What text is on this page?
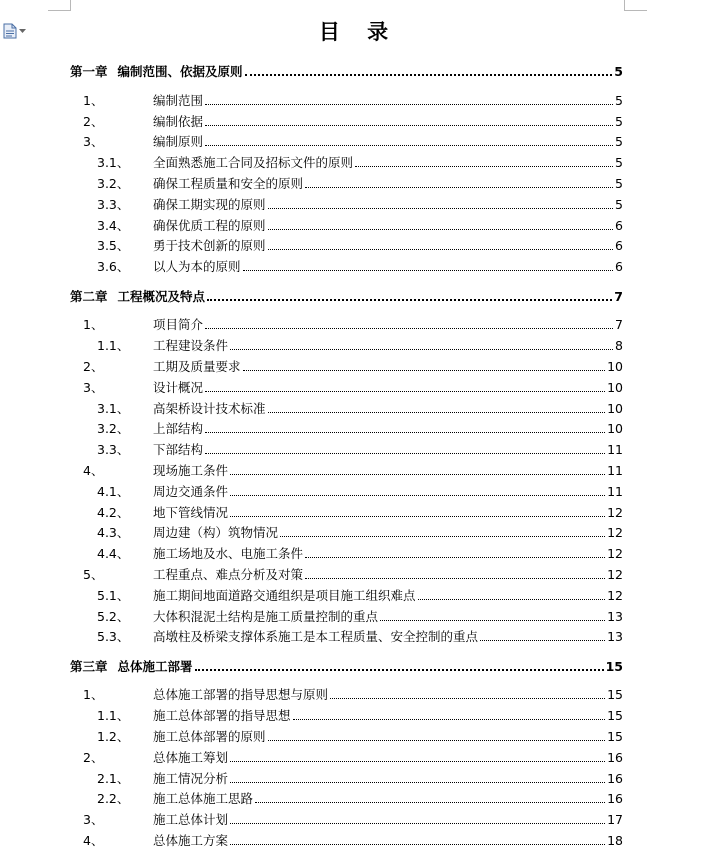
目 录
第一章 编制范围、依据及原则	5
1、	编制范围	5
2、	编制依据	5
3、	编制原则	5
3.1、	全面熟悉施工合同及招标文件的原则	5
3.2、	确保工程质量和安全的原则	5
3.3、	确保工期实现的原则	5
3.4、	确保优质工程的原则	6
3.5、	勇于技术创新的原则	6
3.6、	以人为本的原则	6
第二章 工程概况及特点	7
1、	项目简介	7
1.1、	工程建设条件	8
2、	工期及质量要求	10
3、	设计概况	10
3.1、	高架桥设计技术标准	10
3.2、	上部结构	10
3.3、	下部结构	11
4、	现场施工条件	11
4.1、	周边交通条件	11
4.2、	地下管线情况	12
4.3、	周边建（构）筑物情况	12
4.4、	施工场地及水、电施工条件	12
5、	工程重点、难点分析及对策	12
5.1、	施工期间地面道路交通组织是项目施工组织难点	12
5.2、	大体积混泥土结构是施工质量控制的重点	13
5.3、	高墩柱及桥梁支撑体系施工是本工程质量、安全控制的重点	13
第三章 总体施工部署	15
1、	总体施工部署的指导思想与原则	15
1.1、	施工总体部署的指导思想	15
1.2、	施工总体部署的原则	15
2、	总体施工筹划	16
2.1、	施工情况分析	16
2.2、	施工总体施工思路	16
3、	施工总体计划	17
4、	总体施工方案	18
